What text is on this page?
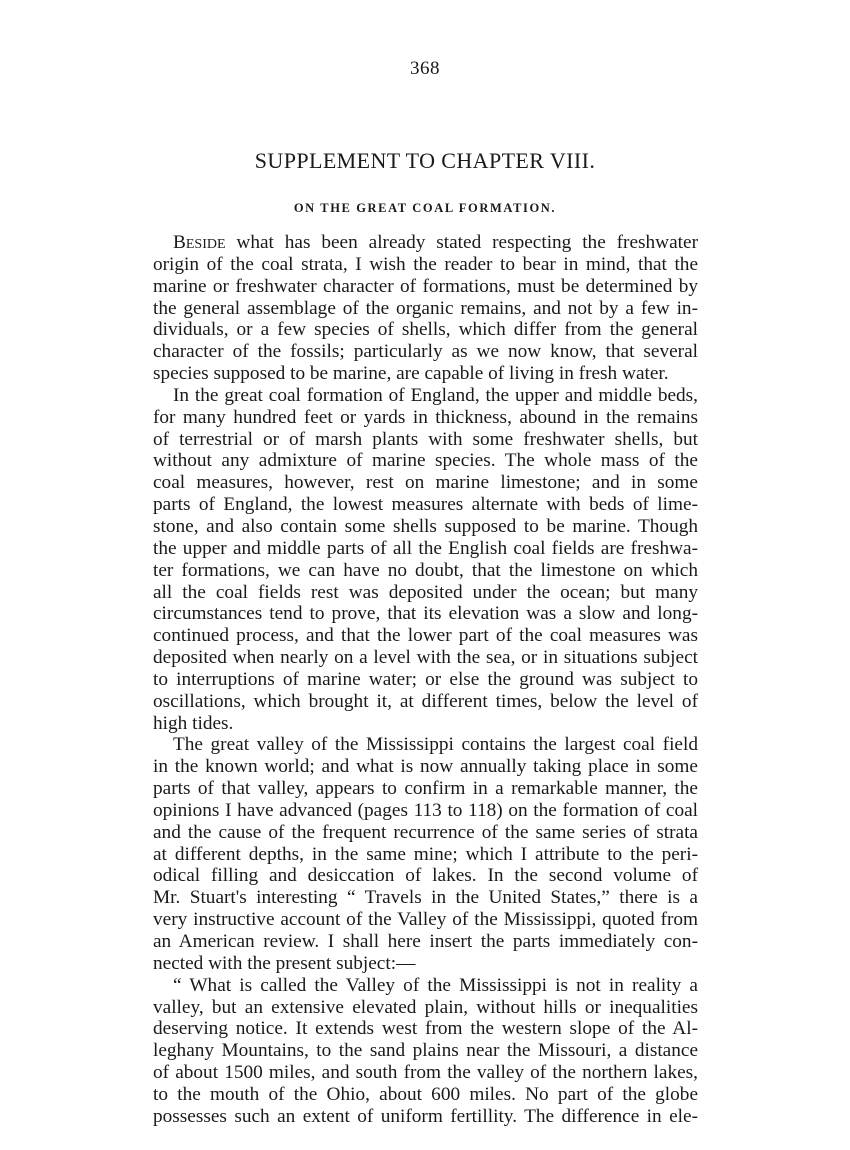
368
SUPPLEMENT TO CHAPTER VIII.
ON THE GREAT COAL FORMATION.
Beside what has been already stated respecting the freshwater
origin of the coal strata, I wish the reader to bear in mind, that the
marine or freshwater character of formations, must be determined by
the general assemblage of the organic remains, and not by a few in-
dividuals, or a few species of shells, which differ from the general
character of the fossils; particularly as we now know, that several
species supposed to be marine, are capable of living in fresh water.
In the great coal formation of England, the upper and middle beds,
for many hundred feet or yards in thickness, abound in the remains
of terrestrial or of marsh plants with some freshwater shells, but
without any admixture of marine species. The whole mass of the
coal measures, however, rest on marine limestone; and in some
parts of England, the lowest measures alternate with beds of lime-
stone, and also contain some shells supposed to be marine. Though
the upper and middle parts of all the English coal fields are freshwa-
ter formations, we can have no doubt, that the limestone on which
all the coal fields rest was deposited under the ocean; but many
circumstances tend to prove, that its elevation was a slow and long-
continued process, and that the lower part of the coal measures was
deposited when nearly on a level with the sea, or in situations subject
to interruptions of marine water; or else the ground was subject to
oscillations, which brought it, at different times, below the level of
high tides.
The great valley of the Mississippi contains the largest coal field
in the known world; and what is now annually taking place in some
parts of that valley, appears to confirm in a remarkable manner, the
opinions I have advanced (pages 113 to 118) on the formation of coal
and the cause of the frequent recurrence of the same series of strata
at different depths, in the same mine; which I attribute to the peri-
odical filling and desiccation of lakes. In the second volume of
Mr. Stuart's interesting “ Travels in the United States,” there is a
very instructive account of the Valley of the Mississippi, quoted from
an American review. I shall here insert the parts immediately con-
nected with the present subject:—
“ What is called the Valley of the Mississippi is not in reality a
valley, but an extensive elevated plain, without hills or inequalities
deserving notice. It extends west from the western slope of the Al-
leghany Mountains, to the sand plains near the Missouri, a distance
of about 1500 miles, and south from the valley of the northern lakes,
to the mouth of the Ohio, about 600 miles. No part of the globe
possesses such an extent of uniform fertillity. The difference in ele-
